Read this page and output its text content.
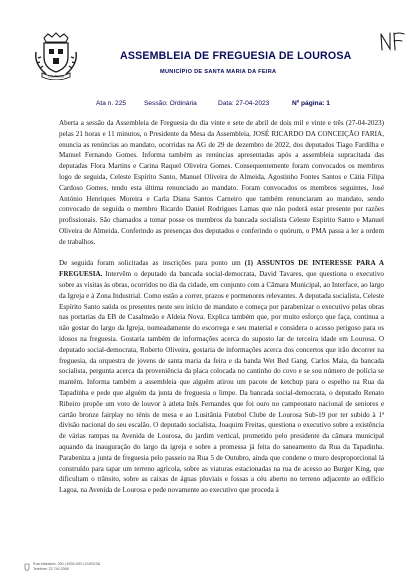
LOUROSA
ASSEMBLEIA DE FREGUESIA DE LOUROSA
MUNICÍPIO DE SANTA MARIA DA FEIRA
Ata n. 225	Sessão: Ordinária	Data: 27-04-2023	Nº página: 1

Aberta a sessão da Assembleia de Freguesia do dia vinte e sete de abril de dois mil e vinte e três (27-04-2023) pelas 21 horas e 11 minutos, o Presidente da Mesa da Assembleia, JOSÉ RICARDO DA CONCEIÇÃO FARIA, enuncia as renúncias ao mandato, ocorridas na AG de 29 de dezembro de 2022, dos deputados Tiago Fardilha e Manuel Fernando Gomes. Informa também as renúncias apresentadas após a assembleia supracitada das deputadas Flora Martins e Carina Raquel Oliveira Gomes. Consequentemente foram convocados os membros logo de seguida, Celeste Espírito Santo, Manuel Oliveira de Almeida, Agostinho Fontes Santos e Cátia Filipa Cardoso Gomes, tendo esta última renunciado ao mandato. Foram convocados os membros seguintes, José António Henriques Moreira e Carla Diana Santos Carneiro que também renunciaram ao mandato, sendo convocado de seguida o membro Ricardo Daniel Rodrigues Lamas que não poderá estar presente por razões profissionais. São chamados a tomar posse os membros da bancada socialista Celeste Espírito Santo e Manuel Oliveira de Almeida. Conferindo as presenças dos deputados e conferindo o quórum, o PMA passa a ler a ordem de trabalhos.

De seguida foram solicitadas as inscrições para ponto um (1) ASSUNTOS DE INTERESSE PARA A FREGUESIA. Intervêm o deputado da bancada social-democrata, David Tavares, que questiona o executivo sobre as visitas às obras, ocorridos no dia da cidade, em conjunto com a Câmara Municipal, ao Interface, ao largo da Igreja e à Zona Industrial. Como estão a correr, prazos e pormenores relevantes. A deputada socialista, Celeste Espírito Santo saúda os presentes neste seu início de mandato e começa por parabenizar o executivo pelas obras nas portarias da EB de Casalmeão e Aldeia Nova. Explica também que, por muito esforço que faça, continua a não gostar do largo da Igreja, nomeadamente do escorrega e seu material e considera o acesso perigoso para os idosos na freguesia. Gostaria também de informações acerca do suposto lar de terceira idade em Lourosa. O deputado social-democrata, Roberto Oliveira, gostaria de informações acerca dos concertos que irão decorrer na freguesia, da orquestra de jovens de santa maria da feira e da banda Wet Bed Gang. Carlos Maia, da bancada socialista, pergunta acerca da proveniência da placa colocada no cantinho do covo e se sou número de polícia se mantém. Informa também a assembleia que alguém atirou um pacote de ketchup para o espelho na Rua da Tapadinha e pede que alguém da junta de freguesia o limpe. Da bancada social-democrata, o deputado Renato Ribeiro propõe um voto de louvor à atleta Inês Fernandes que foi ouro no campeonato nacional de seniores e cartão bronze fairplay no ténis de mesa e ao Lusitânia Futebol Clube de Lourosa Sub-19 por ter subido à 1ª divisão nacional do seu escalão. O deputado socialista, Joaquim Freitas, questiona o executivo sobre a existência de várias rampas na Avenida de Lourosa, do jardim vertical, prometido pelo presidente da câmara municipal aquando da inauguração do largo da igreja e sobre a promessa já feita do saneamento da Rua da Tapadinha. Parabeniza a junta de freguesia pelo passeio na Rua 5 de Outubro, ainda que condene o muro desproporcional lá construído para tapar um terreno agrícola, sobre as viaturas estacionadas na rua de acesso ao Burger King, que dificultam o trânsito, sobre as caixas de águas pluviais e fossas a céu aberto no terreno adjacente ao edifício Lagoa, na Avenida de Lourosa e pede novamente ao executivo que proceda à

Rua Infantário, 300 | 4535-000 LOUROSA
Telefone: 22 744 2008
